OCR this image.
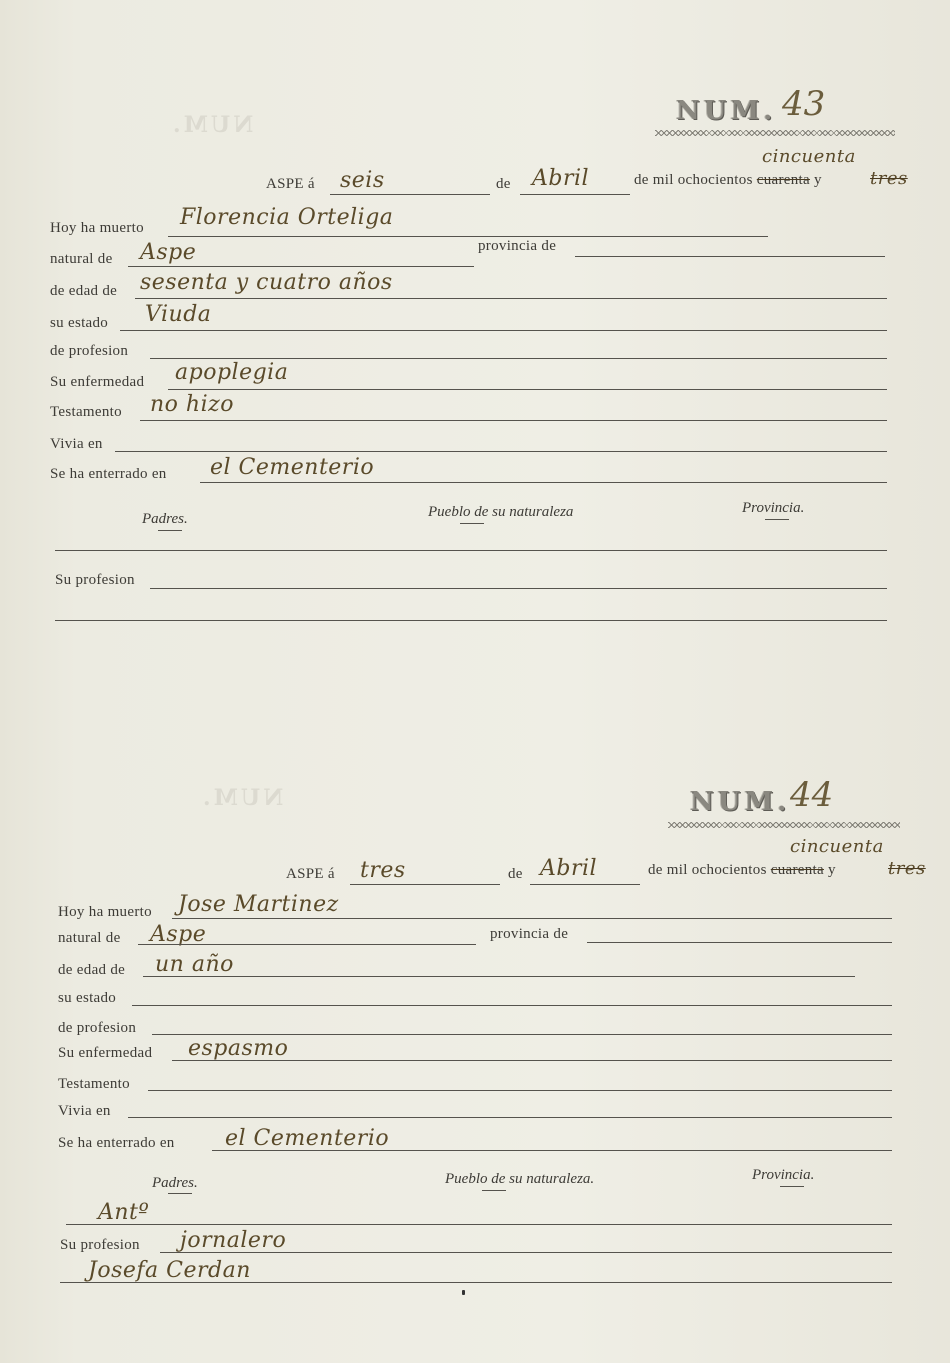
NUM.
NUM.
NUM. 43
cincuenta
ASPE á seis	de Abril	de mil ochocientos cuarenta y	tres
Hoy ha muerto Florencia Orteliga
natural de Aspe	provincia de
de edad de sesenta y cuatro años
su estado Viuda
de profesion
Su enfermedad apoplegia
Testamento no hizo
Vivia en
Se ha enterrado en el Cementerio
Padres.	Pueblo de su naturaleza	Provincia.
Su profesion
NUM. 44
cincuenta
ASPE á tres	de Abril	de mil ochocientos cuarenta y	tres
Hoy ha muerto Jose Martinez
natural de Aspe	provincia de
de edad de un año
su estado
de profesion
Su enfermedad espasmo
Testamento
Vivia en
Se ha enterrado en el Cementerio
Padres.	Pueblo de su naturaleza.	Provincia.
Antº
Su profesion jornalero
Josefa Cerdan
